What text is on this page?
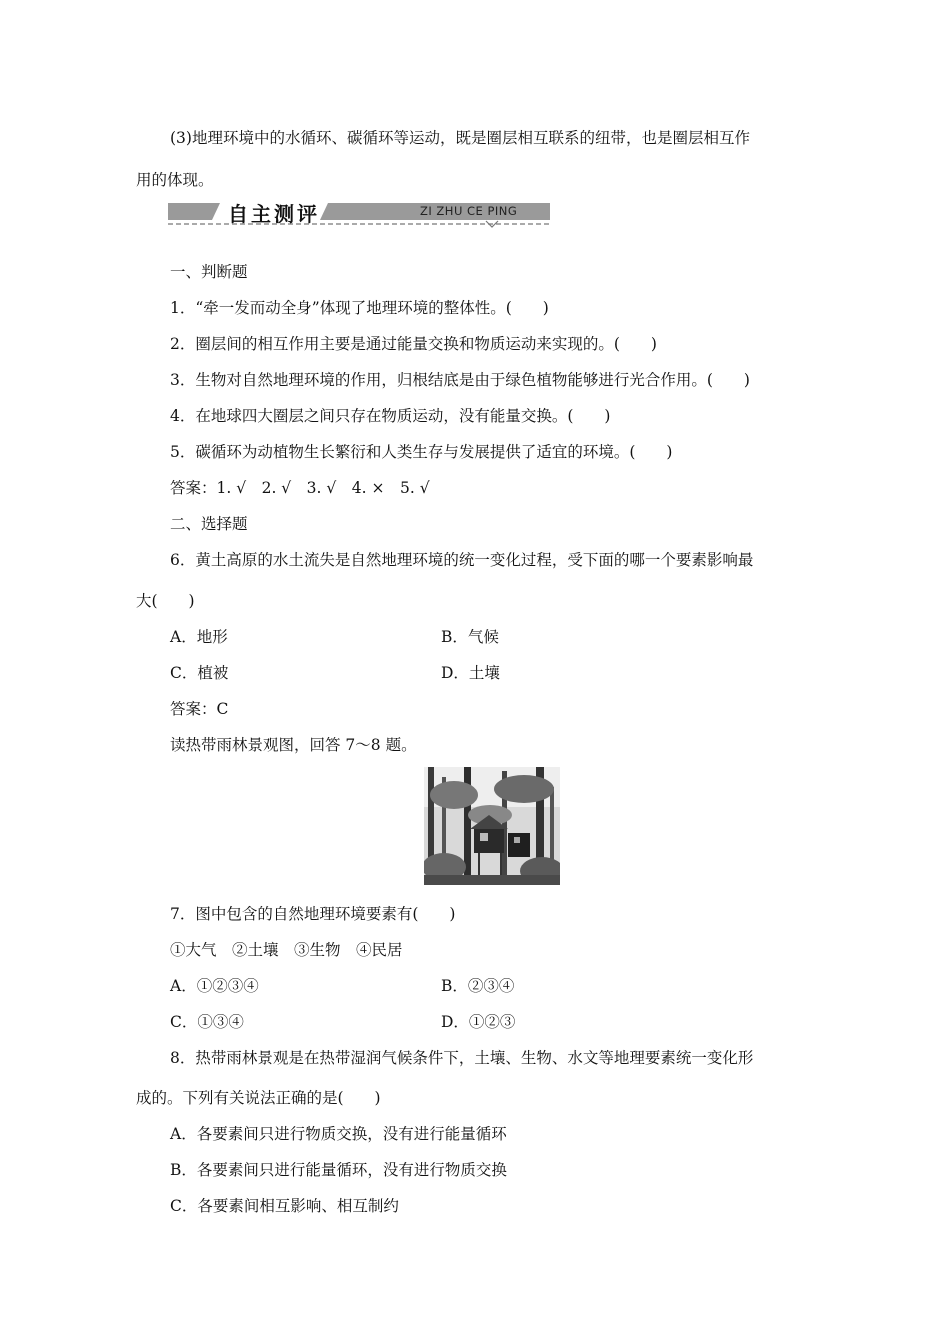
(3)地理环境中的水循环、碳循环等运动，既是圈层相互联系的纽带，也是圈层相互作
用的体现。
自主测评	ZI ZHU CE PING
一、判断题
1．“牵一发而动全身”体现了地理环境的整体性。(　　)
2．圈层间的相互作用主要是通过能量交换和物质运动来实现的。(　　)
3．生物对自然地理环境的作用，归根结底是由于绿色植物能够进行光合作用。(　　)
4．在地球四大圈层之间只存在物质运动，没有能量交换。(　　)
5．碳循环为动植物生长繁衍和人类生存与发展提供了适宜的环境。(　　)
答案：1. √　2. √　3. √　4. ×　5. √
二、选择题
6．黄土高原的水土流失是自然地理环境的统一变化过程，受下面的哪一个要素影响最
大(　　)
A．地形	B．气候
C．植被	D．土壤
答案：C
读热带雨林景观图，回答 7～8 题。
7．图中包含的自然地理环境要素有(　　)
①大气　②土壤　③生物　④民居
A．①②③④	B．②③④
C．①③④	D．①②③
8．热带雨林景观是在热带湿润气候条件下，土壤、生物、水文等地理要素统一变化形
成的。下列有关说法正确的是(　　)
A．各要素间只进行物质交换，没有进行能量循环
B．各要素间只进行能量循环，没有进行物质交换
C．各要素间相互影响、相互制约
